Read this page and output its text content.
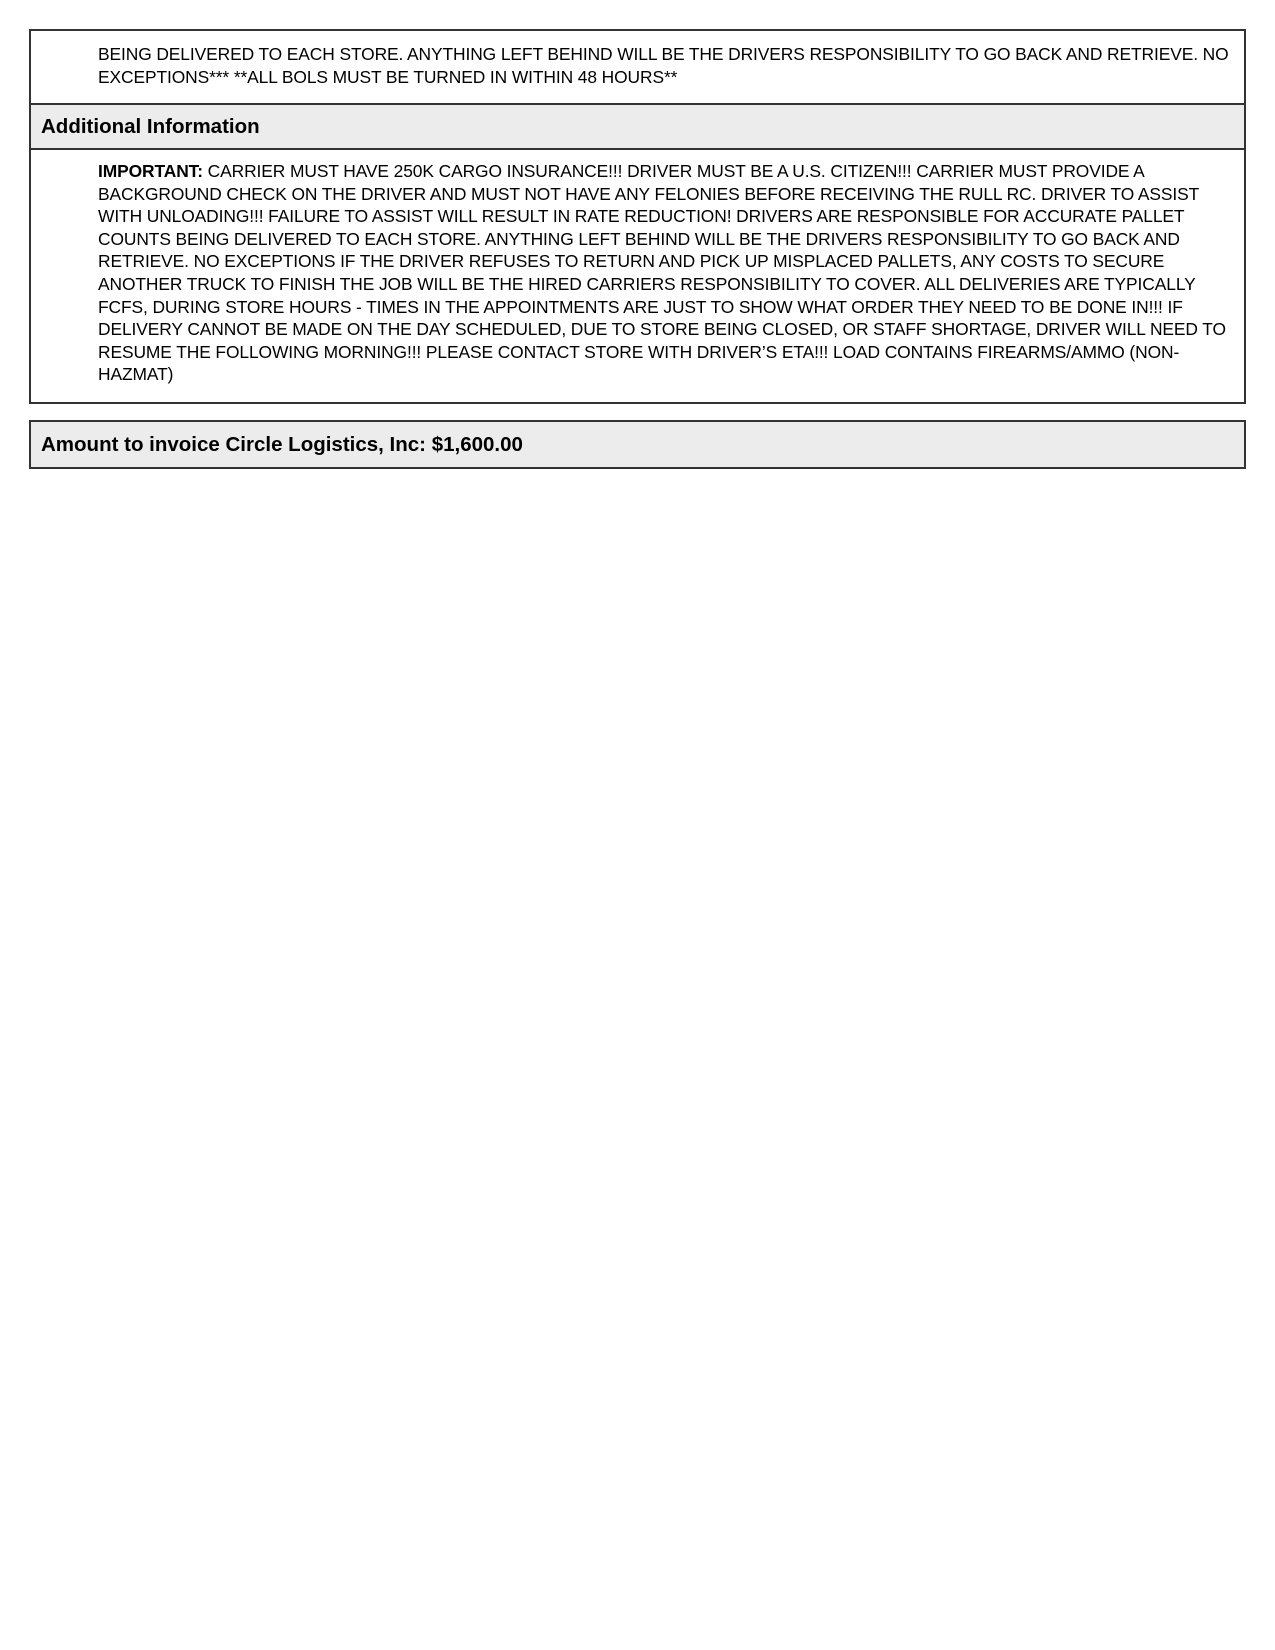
BEING DELIVERED TO EACH STORE. ANYTHING LEFT BEHIND WILL BE THE DRIVERS RESPONSIBILITY TO GO BACK AND RETRIEVE. NO EXCEPTIONS*** **ALL BOLS MUST BE TURNED IN WITHIN 48 HOURS**

Additional Information

IMPORTANT: CARRIER MUST HAVE 250K CARGO INSURANCE!!! DRIVER MUST BE A U.S. CITIZEN!!! CARRIER MUST PROVIDE A BACKGROUND CHECK ON THE DRIVER AND MUST NOT HAVE ANY FELONIES BEFORE RECEIVING THE RULL RC. DRIVER TO ASSIST WITH UNLOADING!!! FAILURE TO ASSIST WILL RESULT IN RATE REDUCTION! DRIVERS ARE RESPONSIBLE FOR ACCURATE PALLET COUNTS BEING DELIVERED TO EACH STORE. ANYTHING LEFT BEHIND WILL BE THE DRIVERS RESPONSIBILITY TO GO BACK AND RETRIEVE. NO EXCEPTIONS IF THE DRIVER REFUSES TO RETURN AND PICK UP MISPLACED PALLETS, ANY COSTS TO SECURE ANOTHER TRUCK TO FINISH THE JOB WILL BE THE HIRED CARRIERS RESPONSIBILITY TO COVER. ALL DELIVERIES ARE TYPICALLY FCFS, DURING STORE HOURS - TIMES IN THE APPOINTMENTS ARE JUST TO SHOW WHAT ORDER THEY NEED TO BE DONE IN!!! IF DELIVERY CANNOT BE MADE ON THE DAY SCHEDULED, DUE TO STORE BEING CLOSED, OR STAFF SHORTAGE, DRIVER WILL NEED TO RESUME THE FOLLOWING MORNING!!! PLEASE CONTACT STORE WITH DRIVER’S ETA!!! LOAD CONTAINS FIREARMS/AMMO (NON-HAZMAT)

Amount to invoice Circle Logistics, Inc: $1,600.00
